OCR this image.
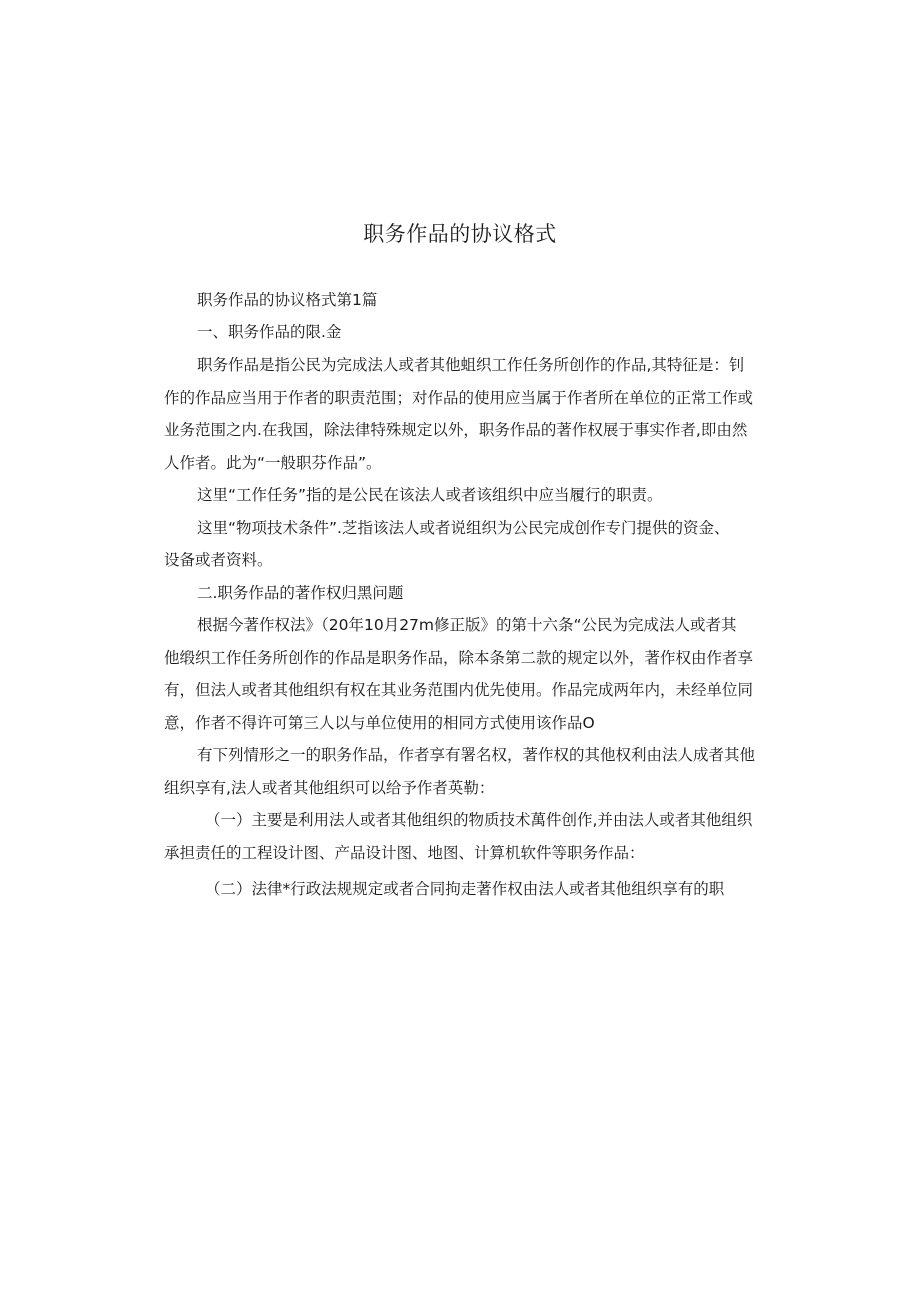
职务作品的协议格式
职务作品的协议格式第1篇
一、职务作品的限.金
职务作品是指公民为完成法人或者其他蛆织工作任务所创作的作品,其特征是：钊
作的作品应当用于作者的职责范围；对作品的使用应当属于作者所在单位的正常工作或
业务范围之内.在我国，除法律特殊规定以外，职务作品的著作权展于事实作者,即由然
人作者。此为“一般职芬作品”。
这里“工作任务”指的是公民在该法人或者该组织中应当履行的职责。
这里“物项技术条件”.芝指该法人或者说组织为公民完成创作专门提供的资金、
设备或者资料。
二.职务作品的著作权归黑问题
根据今著作权法》（20年10月27m修正版》的第十六条“公民为完成法人或者其
他缎织工作任务所创作的作品是职务作品，除本条第二款的规定以外，著作权由作者享
有，但法人或者其他组织有权在其业务范围内优先使用。作品完成两年内，未经单位同
意，作者不得许可第三人以与单位使用的相同方式使用该作品O
有下列情形之一的职务作品，作者享有署名权，著作权的其他权利由法人成者其他
组织享有,法人或者其他组织可以给予作者英勒：
（一）主要是利用法人或者其他组织的物质技术萬件创作,并由法人或者其他组织
承担责任的工程设计图、产品设计图、地图、计算机软件等职务作品：
（二）法律*行政法规规定或者合同拘走著作权由法人或者其他组织享有的职
